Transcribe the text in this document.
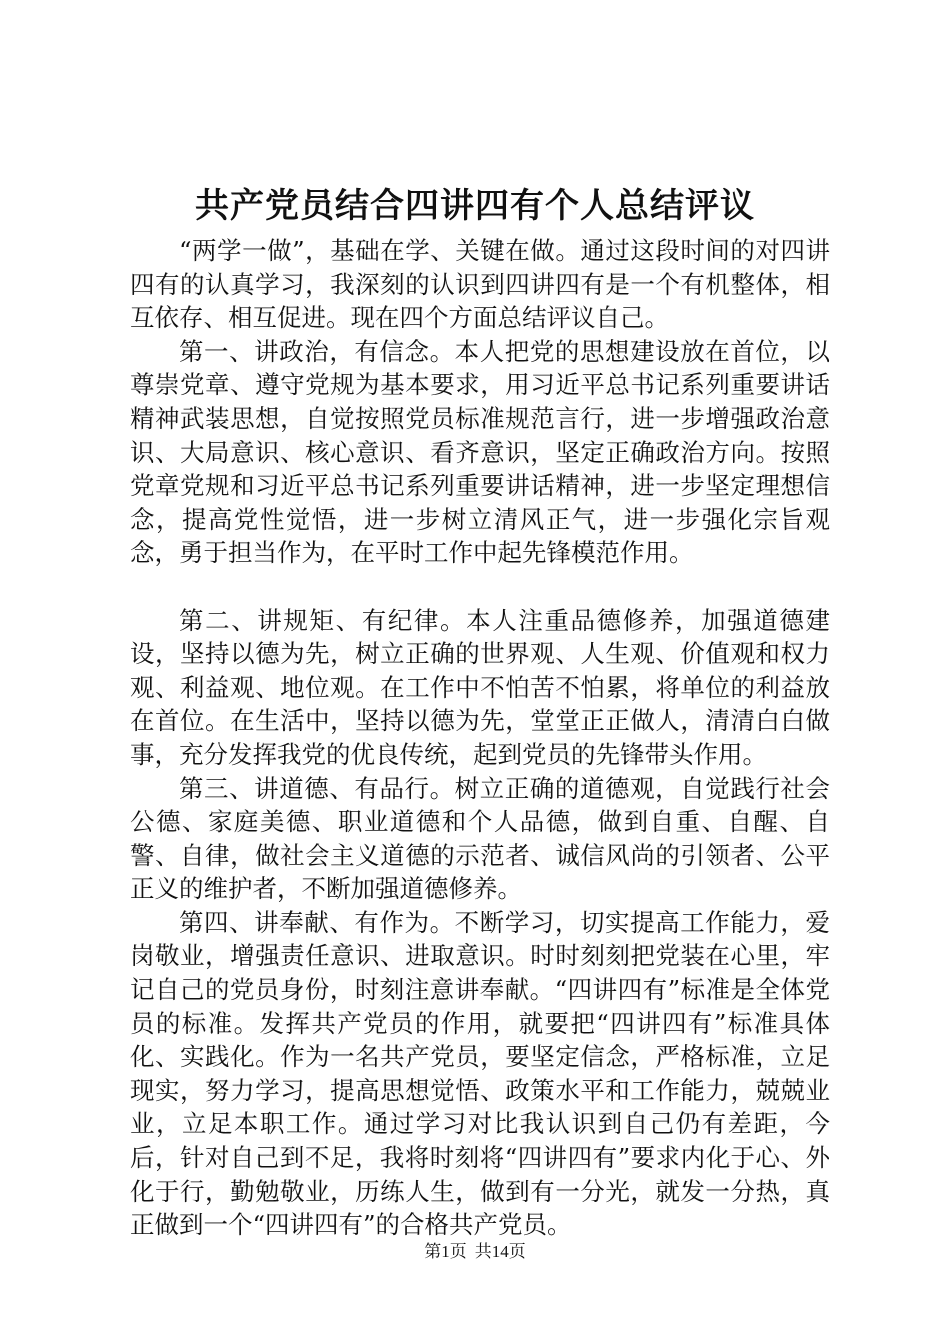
共产党员结合四讲四有个人总结评议

“两学一做”，基础在学、关键在做。通过这段时间的对四讲四有的认真学习，我深刻的认识到四讲四有是一个有机整体，相互依存、相互促进。现在四个方面总结评议自己。

第一、讲政治，有信念。本人把党的思想建设放在首位，以尊崇党章、遵守党规为基本要求，用习近平总书记系列重要讲话精神武装思想，自觉按照党员标准规范言行，进一步增强政治意识、大局意识、核心意识、看齐意识，坚定正确政治方向。按照党章党规和习近平总书记系列重要讲话精神，进一步坚定理想信念，提高党性觉悟，进一步树立清风正气，进一步强化宗旨观念，勇于担当作为，在平时工作中起先锋模范作用。

第二、讲规矩、有纪律。本人注重品德修养，加强道德建设，坚持以德为先，树立正确的世界观、人生观、价值观和权力观、利益观、地位观。在工作中不怕苦不怕累，将单位的利益放在首位。在生活中，坚持以德为先，堂堂正正做人，清清白白做事，充分发挥我党的优良传统，起到党员的先锋带头作用。

第三、讲道德、有品行。树立正确的道德观，自觉践行社会公德、家庭美德、职业道德和个人品德，做到自重、自醒、自警、自律，做社会主义道德的示范者、诚信风尚的引领者、公平正义的维护者，不断加强道德修养。

第四、讲奉献、有作为。不断学习，切实提高工作能力，爱岗敬业，增强责任意识、进取意识。时时刻刻把党装在心里，牢记自己的党员身份，时刻注意讲奉献。“四讲四有”标准是全体党员的标准。发挥共产党员的作用，就要把“四讲四有”标准具体化、实践化。作为一名共产党员，要坚定信念，严格标准，立足现实，努力学习，提高思想觉悟、政策水平和工作能力，兢兢业业，立足本职工作。通过学习对比我认识到自己仍有差距，今后，针对自己到不足，我将时刻将“四讲四有”要求内化于心、外化于行，勤勉敬业，历练人生，做到有一分光，就发一分热，真正做到一个“四讲四有”的合格共产党员。

第1页 共14页
